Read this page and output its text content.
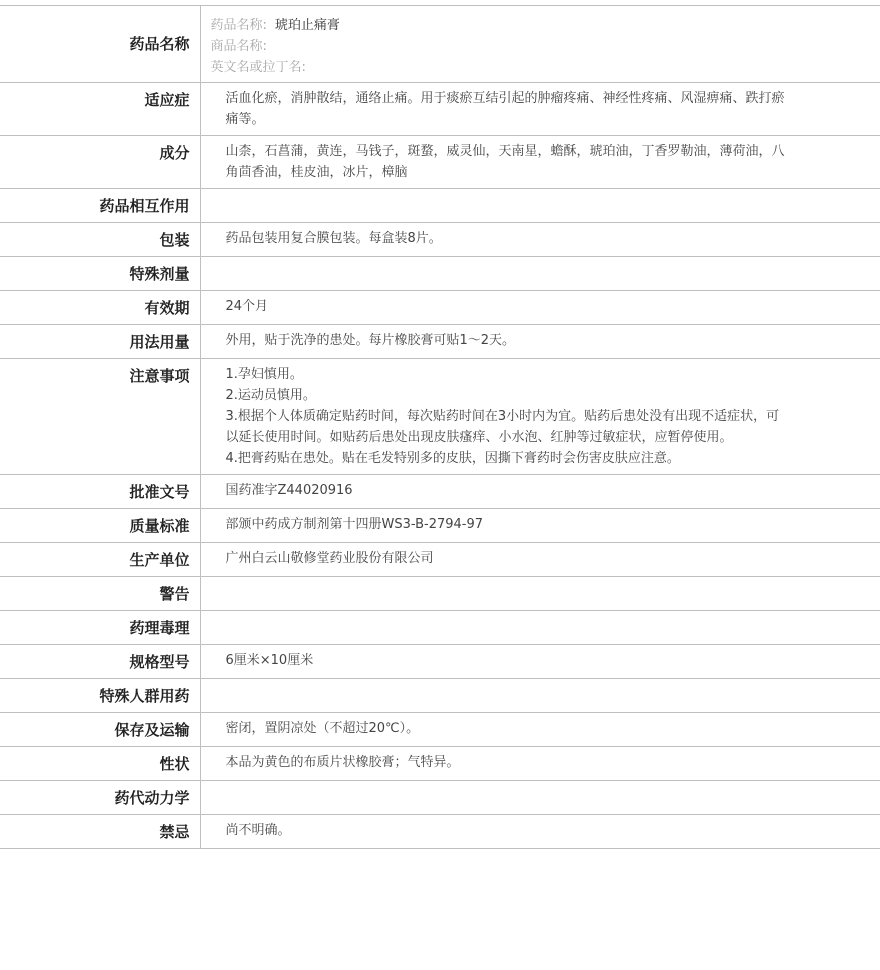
药品名称	药品名称: 琥珀止痛膏
商品名称:
英文名或拉丁名:

适应症	活血化瘀，消肿散结，通络止痛。用于痰瘀互结引起的肿瘤疼痛、神经性疼痛、风湿痹痛、跌打瘀痛等。
成分	山柰，石菖蒲，黄连，马钱子，斑蝥，威灵仙，天南星，蟾酥，琥珀油，丁香罗勒油，薄荷油，八角茴香油，桂皮油，冰片，樟脑
药品相互作用	
包装	药品包装用复合膜包装。每盒装8片。
特殊剂量	
有效期	24个月
用法用量	外用，贴于洗净的患处。每片橡胶膏可贴1～2天。
注意事项	1.孕妇慎用。
2.运动员慎用。
3.根据个人体质确定贴药时间，每次贴药时间在3小时内为宜。贴药后患处没有出现不适症状，可以延长使用时间。如贴药后患处出现皮肤瘙痒、小水泡、红肿等过敏症状，应暂停使用。
4.把膏药贴在患处。贴在毛发特别多的皮肤，因撕下膏药时会伤害皮肤应注意。

批准文号	国药准字Z44020916
质量标准	部颁中药成方制剂第十四册WS3-B-2794-97
生产单位	广州白云山敬修堂药业股份有限公司
警告	
药理毒理	
规格型号	6厘米×10厘米
特殊人群用药	
保存及运输	密闭，置阴凉处（不超过20℃）。
性状	本品为黄色的布质片状橡胶膏；气特异。
药代动力学	
禁忌	尚不明确。
